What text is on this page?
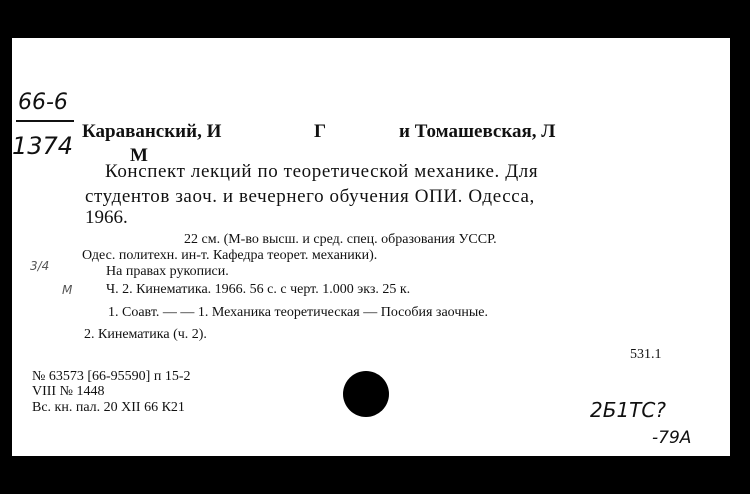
66-6
1374
Караванский, И	Г	и Томашевская, Л
М
Конспект лекций по теоретической механике. Для
студентов заоч. и вечернего обучения ОПИ. Одесса,
1966.
22 см. (М-во высш. и сред. спец. образования УССР.
Одес. политехн. ин-т. Кафедра теорет. механики).
На правах рукописи.
Ч. 2. Кинематика. 1966. 56 с. с черт. 1.000 экз. 25 к.
3/4
М
1. Соавт. — — 1. Механика теоретическая — Пособия заочные.
2. Кинематика (ч. 2).
531.1
№ 63573 [66-95590] п 15-2
VIII № 1448
Вс. кн. пал. 20 XII 66 К21	2Б1ТС?
-79А
